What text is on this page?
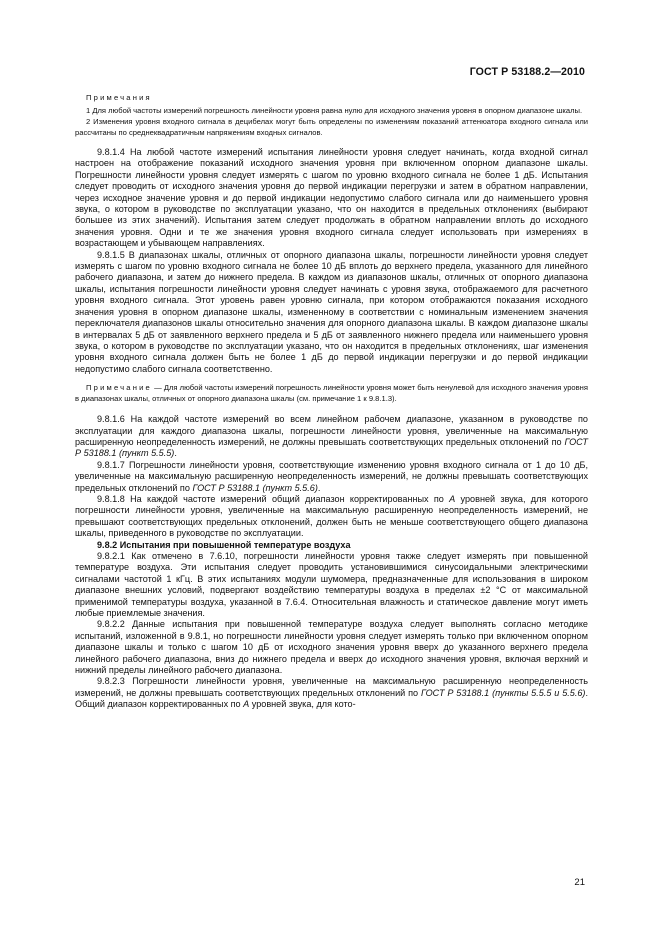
ГОСТ Р 53188.2—2010

Примечания

1 Для любой частоты измерений погрешность линейности уровня равна нулю для исходного значения уровня в опорном диапазоне шкалы.

2 Изменения уровня входного сигнала в децибелах могут быть определены по изменениям показаний аттенюатора входного сигнала или рассчитаны по среднеквадратичным напряжениям входных сигналов.

9.8.1.4 На любой частоте измерений испытания линейности уровня следует начинать, когда входной сигнал настроен на отображение показаний исходного значения уровня при включенном опорном диапазоне шкалы. Погрешности линейности уровня следует измерять с шагом по уровню входного сигнала не более 1 дБ. Испытания следует проводить от исходного значения уровня до первой индикации перегрузки и затем в обратном направлении, через исходное значение уровня и до первой индикации недопустимо слабого сигнала или до наименьшего уровня звука, о котором в руководстве по эксплуатации указано, что он находится в предельных отклонениях (выбирают большее из этих значений). Испытания затем следует продолжать в обратном направлении вплоть до исходного значения уровня. Одни и те же значения уровня входного сигнала следует использовать при измерениях в возрастающем и убывающем направлениях.

9.8.1.5 В диапазонах шкалы, отличных от опорного диапазона шкалы, погрешности линейности уровня следует измерять с шагом по уровню входного сигнала не более 10 дБ вплоть до верхнего предела, указанного для линейного рабочего диапазона, и затем до нижнего предела. В каждом из диапазонов шкалы, отличных от опорного диапазона шкалы, испытания погрешности линейности уровня следует начинать с уровня звука, отображаемого для расчетного уровня входного сигнала. Этот уровень равен уровню сигнала, при котором отображаются показания исходного значения уровня в опорном диапазоне шкалы, измененному в соответствии с номинальным изменением значения переключателя диапазонов шкалы относительно значения для опорного диапазона шкалы. В каждом диапазоне шкалы в интервалах 5 дБ от заявленного верхнего предела и 5 дБ от заявленного нижнего предела или наименьшего уровня звука, о котором в руководстве по эксплуатации указано, что он находится в предельных отклонениях, шаг изменения уровня входного сигнала должен быть не более 1 дБ до первой индикации перегрузки и до первой индикации недопустимо слабого сигнала соответственно.

Примечание — Для любой частоты измерений погрешность линейности уровня может быть ненулевой для исходного значения уровня в диапазонах шкалы, отличных от опорного диапазона шкалы (см. примечание 1 к 9.8.1.3).

9.8.1.6 На каждой частоте измерений во всем линейном рабочем диапазоне, указанном в руководстве по эксплуатации для каждого диапазона шкалы, погрешности линейности уровня, увеличенные на максимальную расширенную неопределенность измерений, не должны превышать соответствующих предельных отклонений по ГОСТ Р 53188.1 (пункт 5.5.5).

9.8.1.7 Погрешности линейности уровня, соответствующие изменению уровня входного сигнала от 1 до 10 дБ, увеличенные на максимальную расширенную неопределенность измерений, не должны превышать соответствующих предельных отклонений по ГОСТ Р 53188.1 (пункт 5.5.6).

9.8.1.8 На каждой частоте измерений общий диапазон корректированных по А уровней звука, для которого погрешности линейности уровня, увеличенные на максимальную расширенную неопределенность измерений, не превышают соответствующих предельных отклонений, должен быть не меньше соответствующего общего диапазона шкалы, приведенного в руководстве по эксплуатации.

9.8.2 Испытания при повышенной температуре воздуха

9.8.2.1 Как отмечено в 7.6.10, погрешности линейности уровня также следует измерять при повышенной температуре воздуха. Эти испытания следует проводить установившимися синусоидальными электрическими сигналами частотой 1 кГц. В этих испытаниях модули шумомера, предназначенные для использования в широком диапазоне внешних условий, подвергают воздействию температуры воздуха в пределах ±2 °С от максимальной применимой температуры воздуха, указанной в 7.6.4. Относительная влажность и статическое давление могут иметь любые приемлемые значения.

9.8.2.2 Данные испытания при повышенной температуре воздуха следует выполнять согласно методике испытаний, изложенной в 9.8.1, но погрешности линейности уровня следует измерять только при включенном опорном диапазоне шкалы и только с шагом 10 дБ от исходного значения уровня вверх до указанного верхнего предела линейного рабочего диапазона, вниз до нижнего предела и вверх до исходного значения уровня, включая верхний и нижний пределы линейного рабочего диапазона.

9.8.2.3 Погрешности линейности уровня, увеличенные на максимальную расширенную неопределенность измерений, не должны превышать соответствующих предельных отклонений по ГОСТ Р 53188.1 (пункты 5.5.5 и 5.5.6). Общий диапазон корректированных по А уровней звука, для кото-

21
